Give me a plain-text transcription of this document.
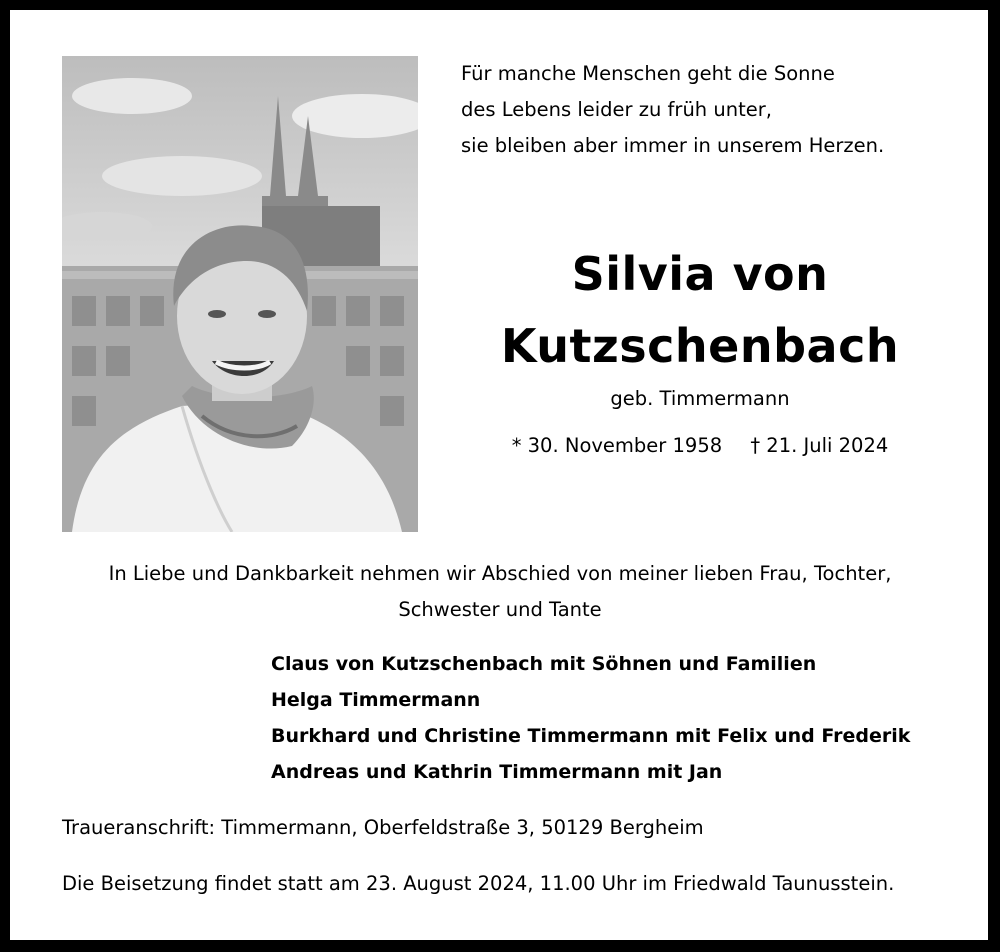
Für manche Menschen geht die Sonne
des Lebens leider zu früh unter,
sie bleiben aber immer in unserem Herzen.
Silvia von
Kutzschenbach
geb. Timmermann
* 30. November 1958 † 21. Juli 2024
In Liebe und Dankbarkeit nehmen wir Abschied von meiner lieben Frau, Tochter,
Schwester und Tante
Claus von Kutzschenbach mit Söhnen und Familien
Helga Timmermann
Burkhard und Christine Timmermann mit Felix und Frederik
Andreas und Kathrin Timmermann mit Jan
Traueranschrift: Timmermann, Oberfeldstraße 3, 50129 Bergheim
Die Beisetzung findet statt am 23. August 2024, 11.00 Uhr im Friedwald Taunusstein.
